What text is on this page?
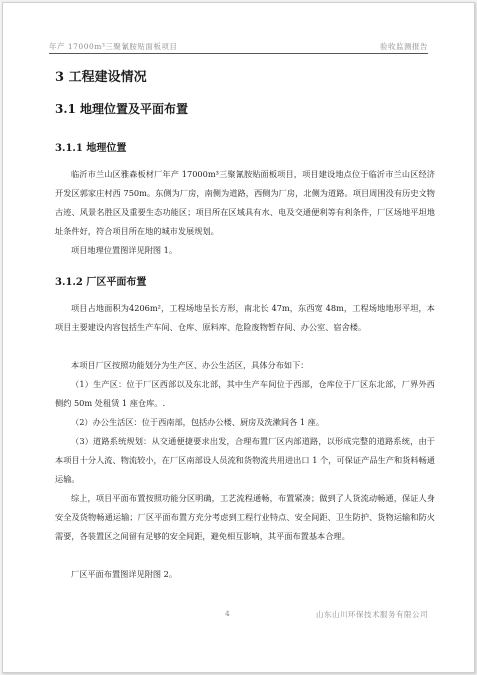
年产 17000m³三聚氰胺贴面板项目	验收监测报告
3 工程建设情况
3.1 地理位置及平面布置
3.1.1 地理位置

临沂市兰山区雅森板材厂年产 17000m³三聚氰胺贴面板项目，项目建设地点位于临沂市兰山区经济开发区郭家庄村西 750m。东侧为厂房，南侧为道路，西侧为厂房，北侧为道路。项目周围没有历史文物古迹、风景名胜区及重要生态功能区；项目所在区域具有水、电及交通便利等有利条件，厂区场地平坦地址条件好，符合项目所在地的城市发展规划。

项目地理位置图详见附图 1。

3.1.2 厂区平面布置

项目占地面积为4206m²，工程场地呈长方形，南北长 47m，东西宽 48m，工程场地地形平坦，本项目主要建设内容包括生产车间、仓库、原料库、危险废物暂存间、办公室、宿舍楼。

本项目厂区按照功能划分为生产区、办公生活区，具体分布如下：

（1）生产区：位于厂区西部以及东北部，其中生产车间位于西部，仓库位于厂区东北部，厂界外西侧约 50m 处租赁 1 座仓库。.

（2）办公生活区：位于西南部，包括办公楼、厨房及洗漱间各 1 座。

（3）道路系统规划：从交通便捷要求出发，合理布置厂区内部道路，以形成完整的道路系统，由于本项目十分人流、物流较小，在厂区南部设人员流和货物流共用进出口 1 个，可保证产品生产和货料畅通运输。

综上，项目平面布置按照功能分区明确，工艺流程通畅，布置紧凑；做到了人货流动畅通，保证人身安全及货物畅通运输；厂区平面布置方充分考虑到工程行业特点、安全间距、卫生防护、货物运输和防火需要，各装置区之间留有足够的安全间距，避免相互影响，其平面布置基本合理。

厂区平面布置图详见附图 2。

4	山东山川环保技术服务有限公司
